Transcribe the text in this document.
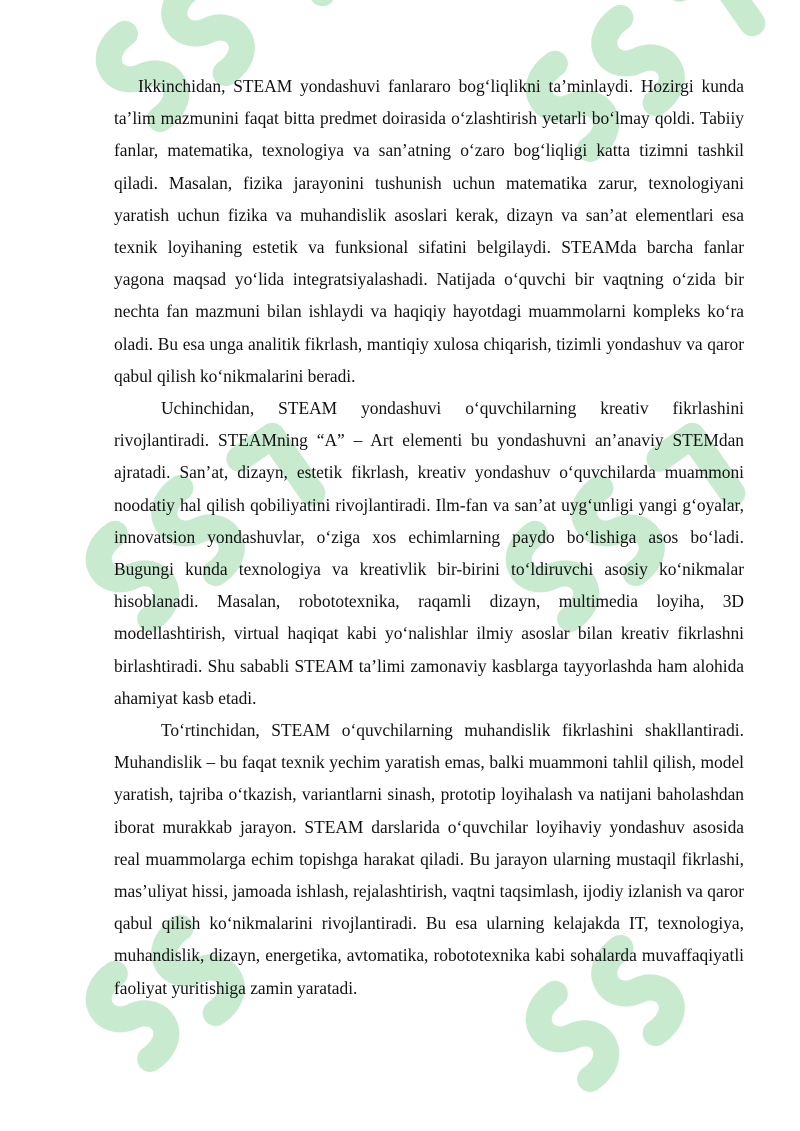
Ikkinchidan, STEAM yondashuvi fanlararo bog‘liqlikni ta’minlaydi. Hozirgi kunda ta’lim mazmunini faqat bitta predmet doirasida o‘zlashtirish yetarli bo‘lmay qoldi. Tabiiy fanlar, matematika, texnologiya va san’atning o‘zaro bog‘liqligi katta tizimni tashkil qiladi. Masalan, fizika jarayonini tushunish uchun matematika zarur, texnologiyani yaratish uchun fizika va muhandislik asoslari kerak, dizayn va san’at elementlari esa texnik loyihaning estetik va funksional sifatini belgilaydi. STEAMda barcha fanlar yagona maqsad yo‘lida integratsiyalashadi. Natijada o‘quvchi bir vaqtning o‘zida bir nechta fan mazmuni bilan ishlaydi va haqiqiy hayotdagi muammolarni kompleks ko‘ra oladi. Bu esa unga analitik fikrlash, mantiqiy xulosa chiqarish, tizimli yondashuv va qaror qabul qilish ko‘nikmalarini beradi.

Uchinchidan, STEAM yondashuvi o‘quvchilarning kreativ fikrlashini rivojlantiradi. STEAMning “A” – Art elementi bu yondashuvni an’anaviy STEMdan ajratadi. San’at, dizayn, estetik fikrlash, kreativ yondashuv o‘quvchilarda muammoni noodatiy hal qilish qobiliyatini rivojlantiradi. Ilm-fan va san’at uyg‘unligi yangi g‘oyalar, innovatsion yondashuvlar, o‘ziga xos echimlarning paydo bo‘lishiga asos bo‘ladi. Bugungi kunda texnologiya va kreativlik bir-birini to‘ldiruvchi asosiy ko‘nikmalar hisoblanadi. Masalan, robototexnika, raqamli dizayn, multimedia loyiha, 3D modellashtirish, virtual haqiqat kabi yo‘nalishlar ilmiy asoslar bilan kreativ fikrlashni birlashtiradi. Shu sababli STEAM ta’limi zamonaviy kasblarga tayyorlashda ham alohida ahamiyat kasb etadi.

To‘rtinchidan, STEAM o‘quvchilarning muhandislik fikrlashini shakllantiradi. Muhandislik – bu faqat texnik yechim yaratish emas, balki muammoni tahlil qilish, model yaratish, tajriba o‘tkazish, variantlarni sinash, prototip loyihalash va natijani baholashdan iborat murakkab jarayon. STEAM darslarida o‘quvchilar loyihaviy yondashuv asosida real muammolarga echim topishga harakat qiladi. Bu jarayon ularning mustaqil fikrlashi, mas’uliyat hissi, jamoada ishlash, rejalashtirish, vaqtni taqsimlash, ijodiy izlanish va qaror qabul qilish ko‘nikmalarini rivojlantiradi. Bu esa ularning kelajakda IT, texnologiya, muhandislik, dizayn, energetika, avtomatika, robototexnika kabi sohalarda muvaffaqiyatli faoliyat yuritishiga zamin yaratadi.
